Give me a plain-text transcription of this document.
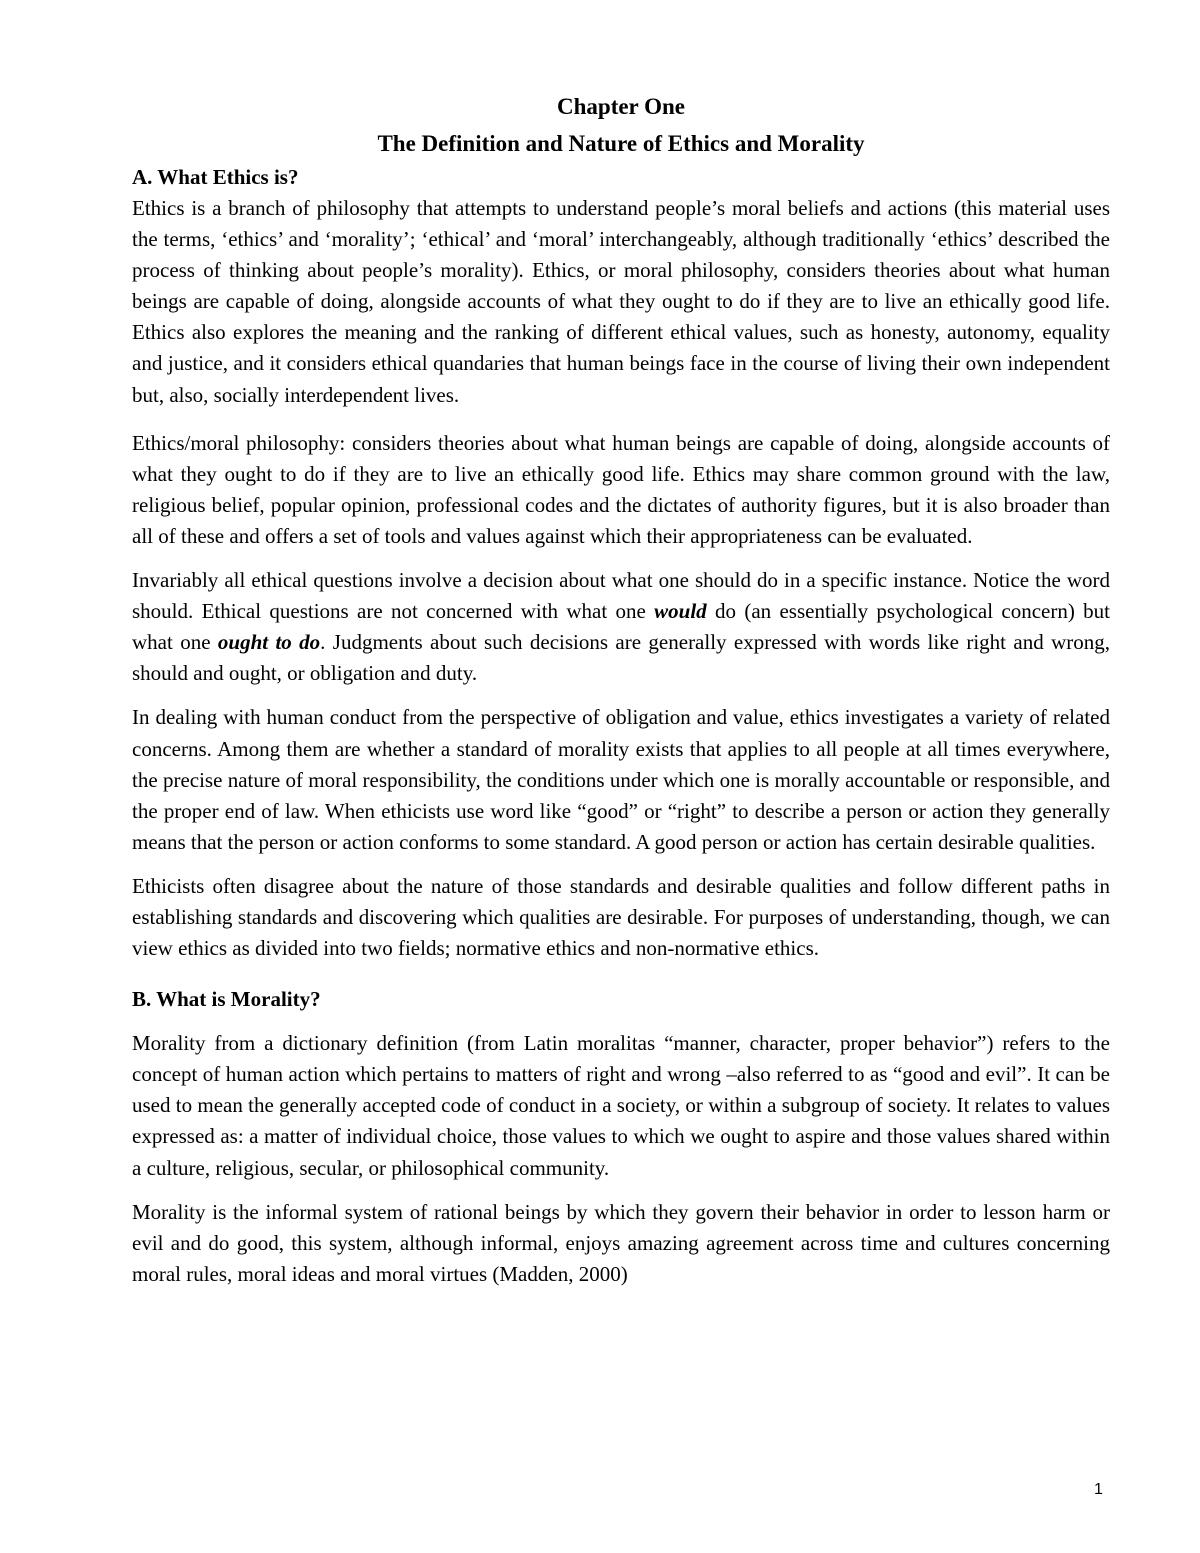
Chapter One
The Definition and Nature of Ethics and Morality
A. What Ethics is?

Ethics is a branch of philosophy that attempts to understand people’s moral beliefs and actions (this material uses the terms, ‘ethics’ and ‘morality’; ‘ethical’ and ‘moral’ interchangeably, although traditionally ‘ethics’ described the process of thinking about people’s morality). Ethics, or moral philosophy, considers theories about what human beings are capable of doing, alongside accounts of what they ought to do if they are to live an ethically good life. Ethics also explores the meaning and the ranking of different ethical values, such as honesty, autonomy, equality and justice, and it considers ethical quandaries that human beings face in the course of living their own independent but, also, socially interdependent lives.

Ethics/moral philosophy: considers theories about what human beings are capable of doing, alongside accounts of what they ought to do if they are to live an ethically good life. Ethics may share common ground with the law, religious belief, popular opinion, professional codes and the dictates of authority figures, but it is also broader than all of these and offers a set of tools and values against which their appropriateness can be evaluated.

Invariably all ethical questions involve a decision about what one should do in a specific instance. Notice the word should. Ethical questions are not concerned with what one would do (an essentially psychological concern) but what one ought to do. Judgments about such decisions are generally expressed with words like right and wrong, should and ought, or obligation and duty.

In dealing with human conduct from the perspective of obligation and value, ethics investigates a variety of related concerns. Among them are whether a standard of morality exists that applies to all people at all times everywhere, the precise nature of moral responsibility, the conditions under which one is morally accountable or responsible, and the proper end of law. When ethicists use word like “good” or “right” to describe a person or action they generally means that the person or action conforms to some standard. A good person or action has certain desirable qualities.

Ethicists often disagree about the nature of those standards and desirable qualities and follow different paths in establishing standards and discovering which qualities are desirable. For purposes of understanding, though, we can view ethics as divided into two fields; normative ethics and non-normative ethics.

B. What is Morality?

Morality from a dictionary definition (from Latin moralitas “manner, character, proper behavior”) refers to the concept of human action which pertains to matters of right and wrong –also referred to as “good and evil”. It can be used to mean the generally accepted code of conduct in a society, or within a subgroup of society. It relates to values expressed as: a matter of individual choice, those values to which we ought to aspire and those values shared within a culture, religious, secular, or philosophical community.

Morality is the informal system of rational beings by which they govern their behavior in order to lesson harm or evil and do good, this system, although informal, enjoys amazing agreement across time and cultures concerning moral rules, moral ideas and moral virtues (Madden, 2000)

1
